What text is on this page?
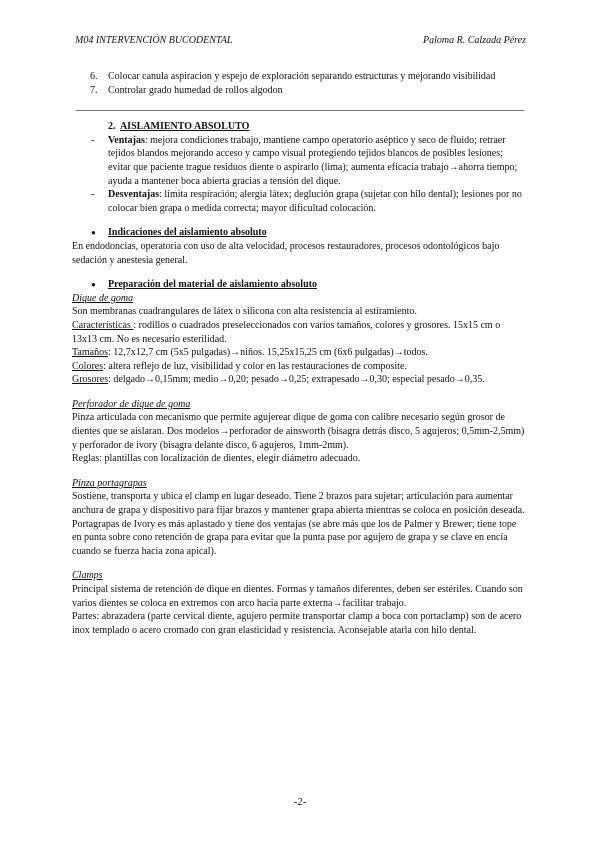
M04 INTERVENCIÓN BUCODENTAL	Paloma R. Calzada Pérez
6. Colocar canula aspiracion y espejo de exploración separando estructuras y mejorando visibilidad
7. Controlar grado humedad de rollos algodon
2. AISLAMIENTO ABSOLUTO
- Ventajas: mejora condiciones trabajo, mantiene campo operatorio aséptico y seco de fluido; retraer tejidos blandos mejorando acceso y campo visual protegiendo tejidos blancos de posibles lesiones; evitar que paciente trague residuos diente o aspirarlo (lima); aumenta eficacia trabajo→ahorra tiempo; ayuda a mantener boca abierta gracias a tensión del dique.
- Desventajas: limita respiración; alergia látex; deglución grapa (sujetar con hilo dental); lesiones por no colocar bien grapa o medida correcta; mayor dificultad colocación.
● Indicaciones del aislamiento absoluto
En endodoncias, operatoria con uso de alta velocidad, procesos restauradores, procesos odontológicos bajo sedación y anestesia general.
● Preparación del material de aislamiento absoluto
Dique de goma
Son membranas cuadrangulares de látex o silicona con alta resistencia al estiramiento.
Características : rodillos o cuadrados preseleccionados con varios tamaños, colores y grosores. 15x15 cm o 13x13 cm. No es necesario esterilidad.
Tamaños: 12,7x12,7 cm (5x5 pulgadas)→niños. 15,25x15,25 cm (6x6 pulgadas)→todos.
Colores: altera reflejo de luz, visibilidad y color en las restauraciones de composite.
Grosores: delgado→0,15mm; medio→0,20; pesado→0,25; extrapesado→0,30; especial pesado→0,35.
Perforador de dique de goma
Pinza articulada con mecanismo que permite agujerear dique de goma con calibre necesario según grosor de dientes que se aislaran. Dos modelos→perforador de ainsworth (bisagra detrás disco, 5 agujeros; 0,5mm-2,5mm) y perforador de ivory (bisagra delante disco, 6 agujeros, 1mm-2mm).
Reglas: plantillas con localización de dientes, elegir diámetro adecuado.
Pinza portagrapas
Sostiene, transporta y ubica el clamp en lugar deseado. Tiene 2 brazos para sujetar; articulación para aumentar anchura de grapa y dispositivo para fijar brazos y mantener grapa abierta mientras se coloca en posición deseada. Portagrapas de Ivory es más aplastado y tiene dos ventajas (se abre más que los de Palmer y Brewer; tiene tope en punta sobre cono retención de grapa para evitar que la punta pase por agujero de grapa y se clave en encía cuando se fuerza hacia zona apical).
Clamps
Principal sistema de retención de dique en dientes. Formas y tamaños diferentes, deben ser estériles. Cuando son varios dientes se coloca en extremos con arco hacia parte externa→facilitar trabajo.
Partes: abrazadera (parte cervical diente, agujero permite transportar clamp a boca con portaclamp) son de acero inox templado o acero cromado con gran elasticidad y resistencia. Aconsejable atarla con hilo dental.
-2-
